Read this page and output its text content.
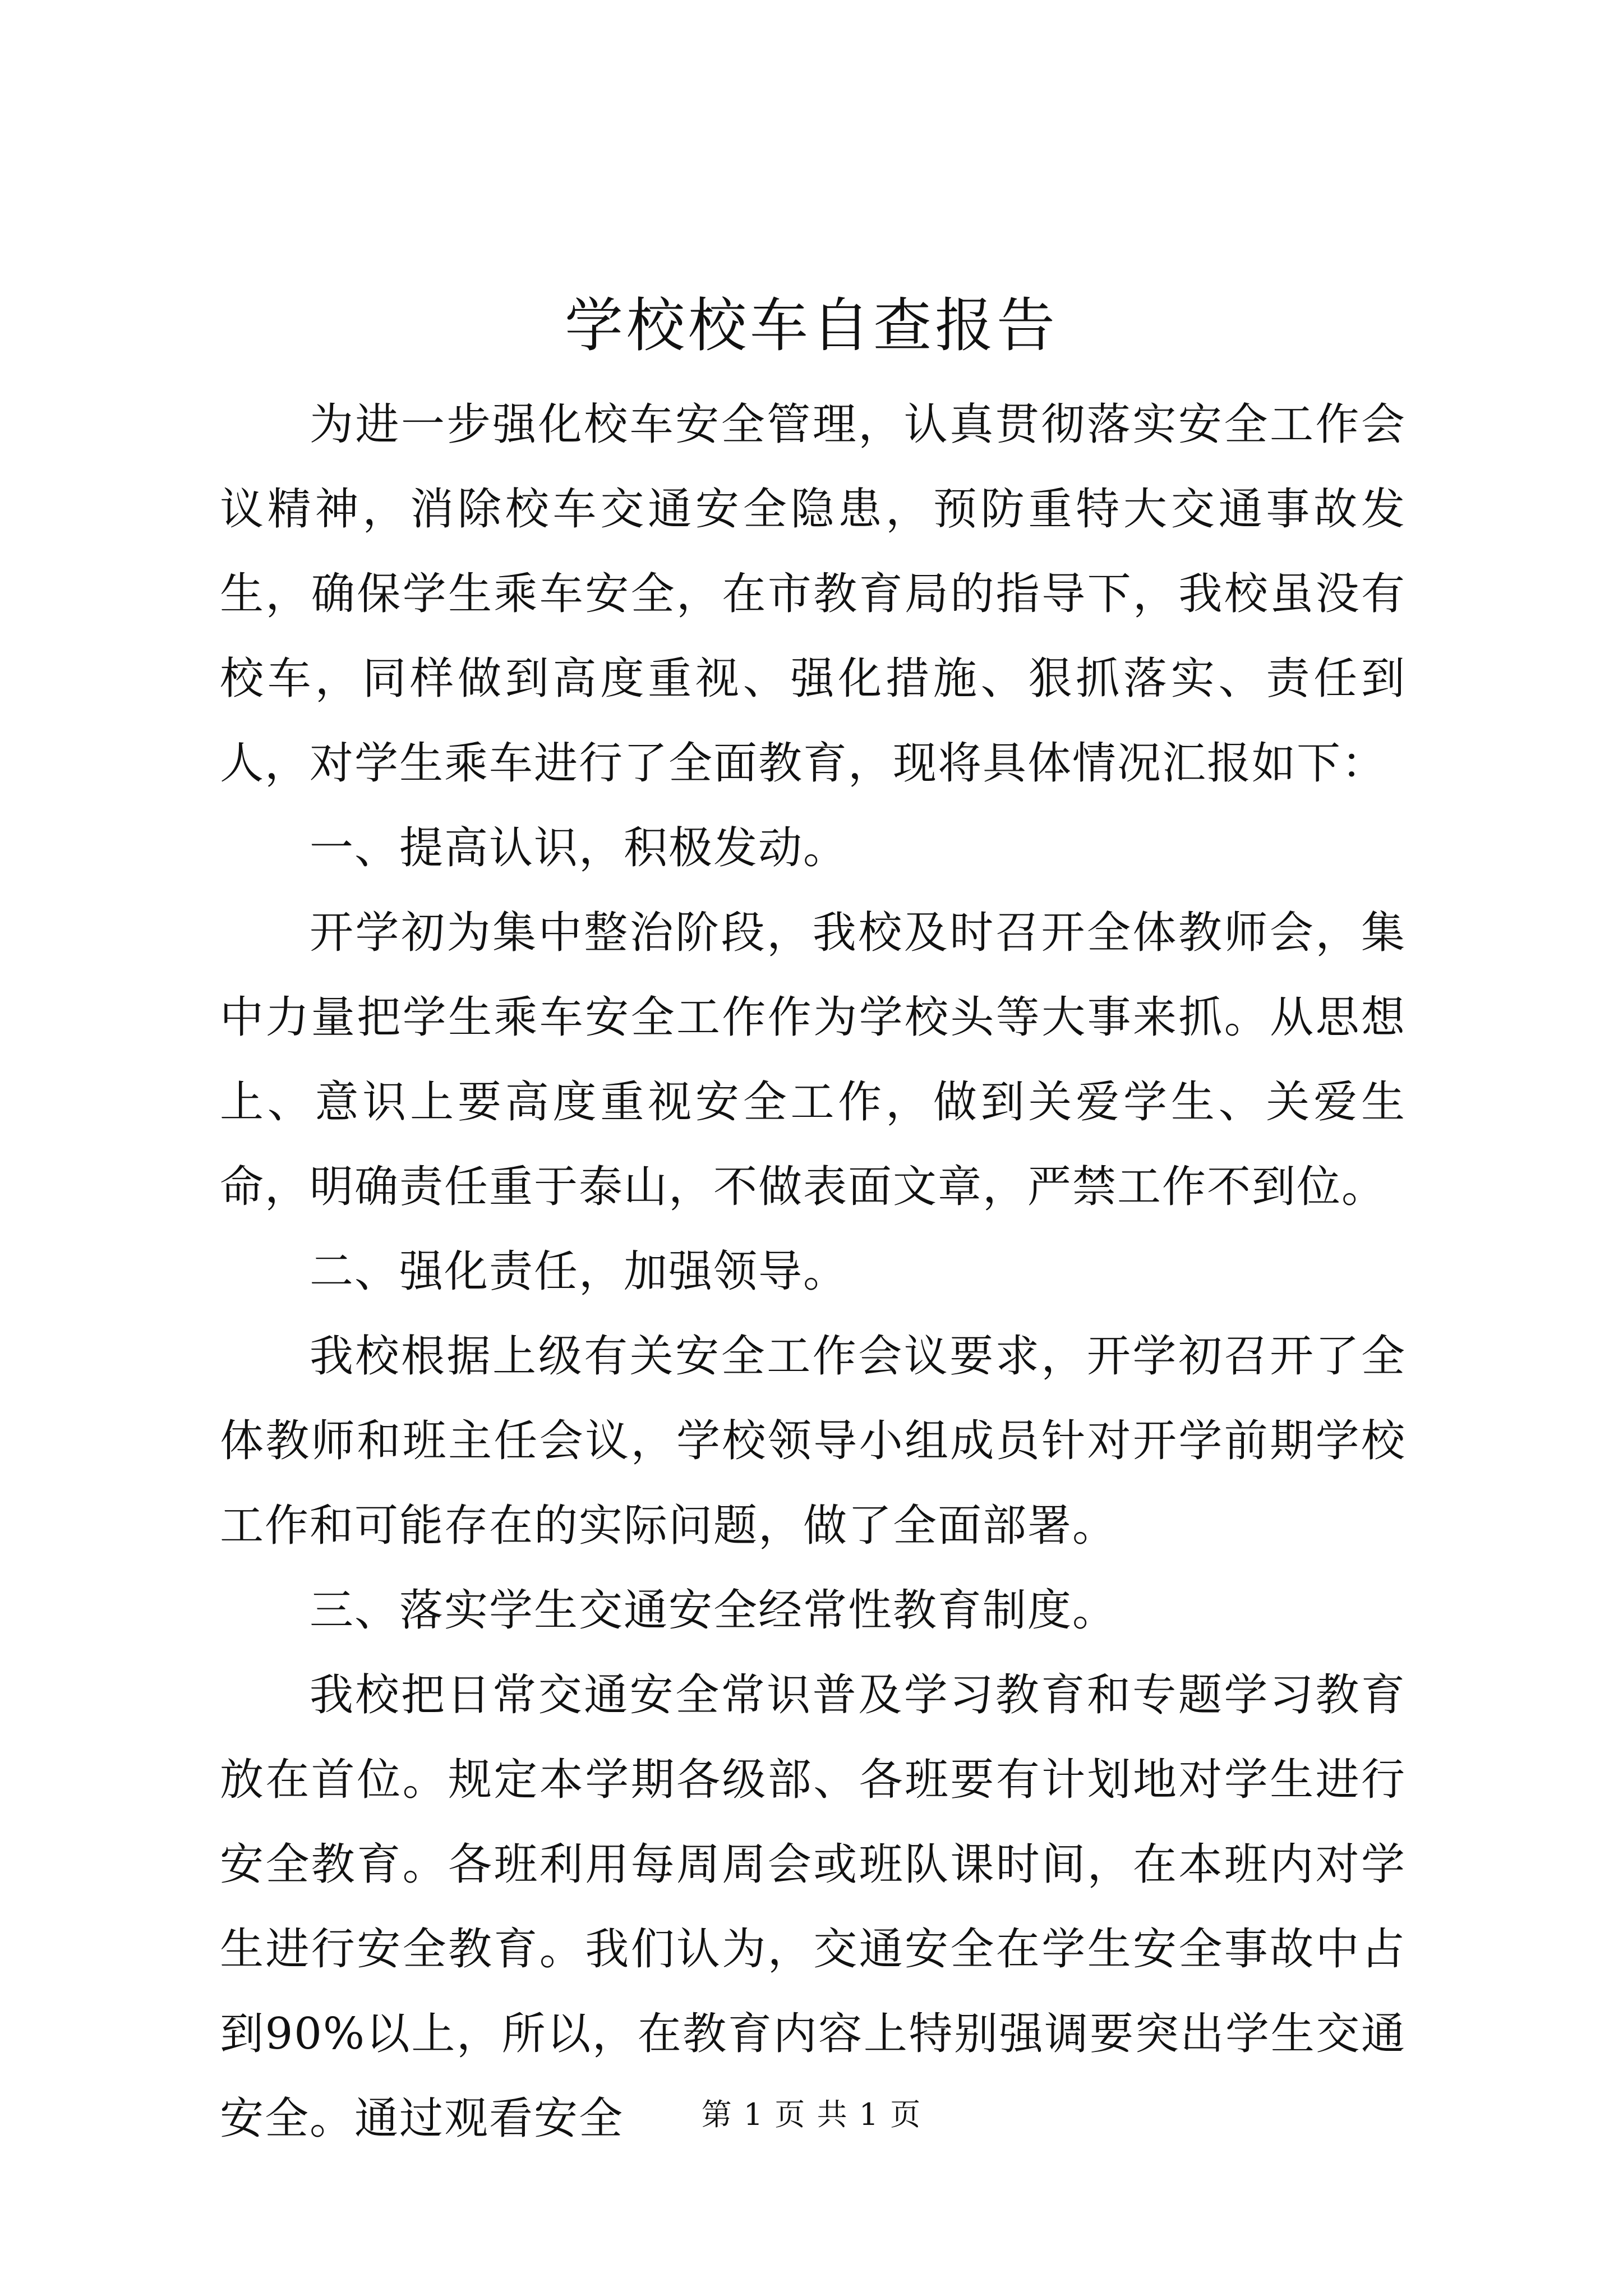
学校校车自查报告

为进一步强化校车安全管理，认真贯彻落实安全工作会议精神，消除校车交通安全隐患，预防重特大交通事故发生，确保学生乘车安全，在市教育局的指导下，我校虽没有校车，同样做到高度重视、强化措施、狠抓落实、责任到人，对学生乘车进行了全面教育，现将具体情况汇报如下：

一、提高认识，积极发动。

开学初为集中整治阶段，我校及时召开全体教师会，集中力量把学生乘车安全工作作为学校头等大事来抓。从思想上、意识上要高度重视安全工作，做到关爱学生、关爱生命，明确责任重于泰山，不做表面文章，严禁工作不到位。

二、强化责任，加强领导。

我校根据上级有关安全工作会议要求，开学初召开了全体教师和班主任会议，学校领导小组成员针对开学前期学校工作和可能存在的实际问题，做了全面部署。

三、落实学生交通安全经常性教育制度。

我校把日常交通安全常识普及学习教育和专题学习教育放在首位。规定本学期各级部、各班要有计划地对学生进行安全教育。各班利用每周周会或班队课时间，在本班内对学生进行安全教育。我们认为，交通安全在学生安全事故中占到90%以上，所以，在教育内容上特别强调要突出学生交通安全。通过观看安全	第 1 页 共 1 页
